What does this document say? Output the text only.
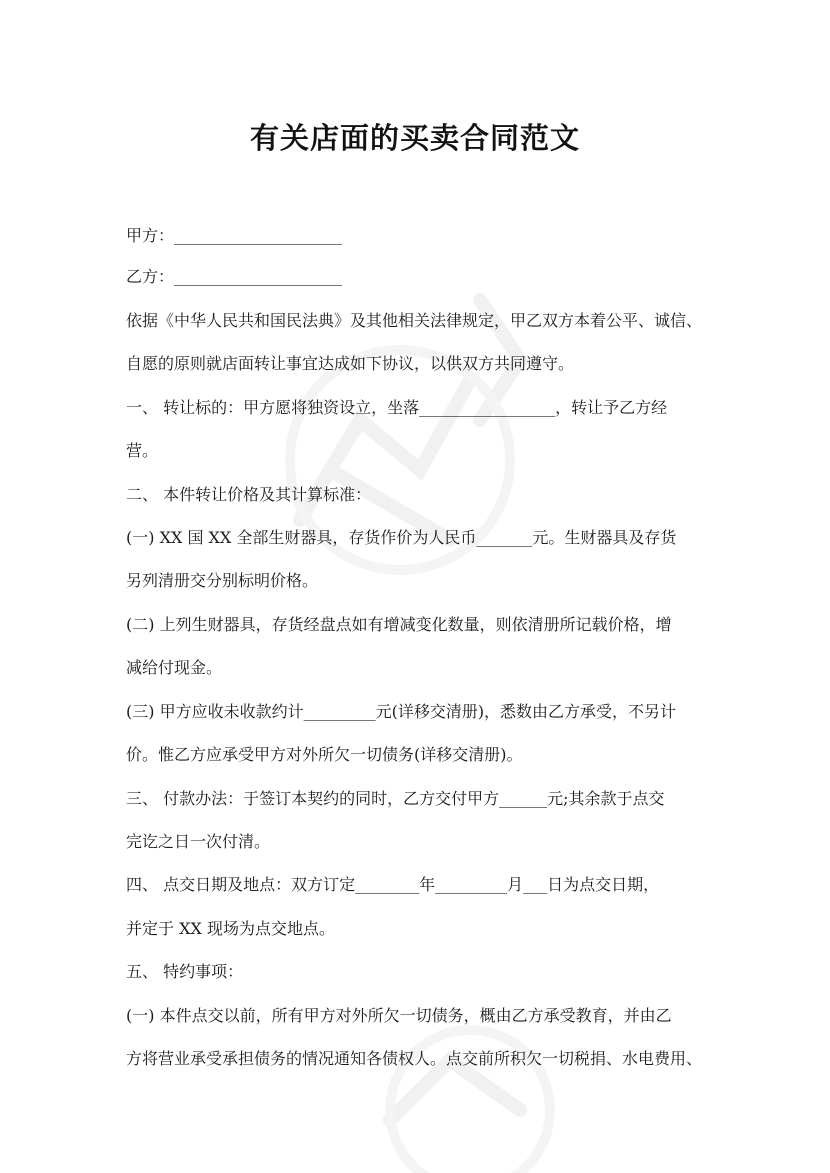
有关店面的买卖合同范文
甲方：_____________________
乙方：_____________________
依据《中华人民共和国民法典》及其他相关法律规定，甲乙双方本着公平、诚信、
自愿的原则就店面转让事宜达成如下协议，以供双方共同遵守。
一、 转让标的：甲方愿将独资设立，坐落_________________，转让予乙方经
营。
二、 本件转让价格及其计算标准：
(一) XX 国 XX 全部生财器具，存货作价为人民币_______元。生财器具及存货
另列清册交分别标明价格。
(二) 上列生财器具，存货经盘点如有增减变化数量，则依清册所记载价格，增
减给付现金。
(三) 甲方应收未收款约计_________元(详移交清册)，悉数由乙方承受，不另计
价。惟乙方应承受甲方对外所欠一切债务(详移交清册)。
三、 付款办法：于签订本契约的同时，乙方交付甲方______元;其余款于点交
完讫之日一次付清。
四、 点交日期及地点：双方订定________年_________月___日为点交日期，
并定于 XX 现场为点交地点。
五、 特约事项：
(一) 本件点交以前，所有甲方对外所欠一切债务，概由乙方承受教育，并由乙
方将营业承受承担债务的情况通知各债权人。点交前所积欠一切税捐、水电费用、
